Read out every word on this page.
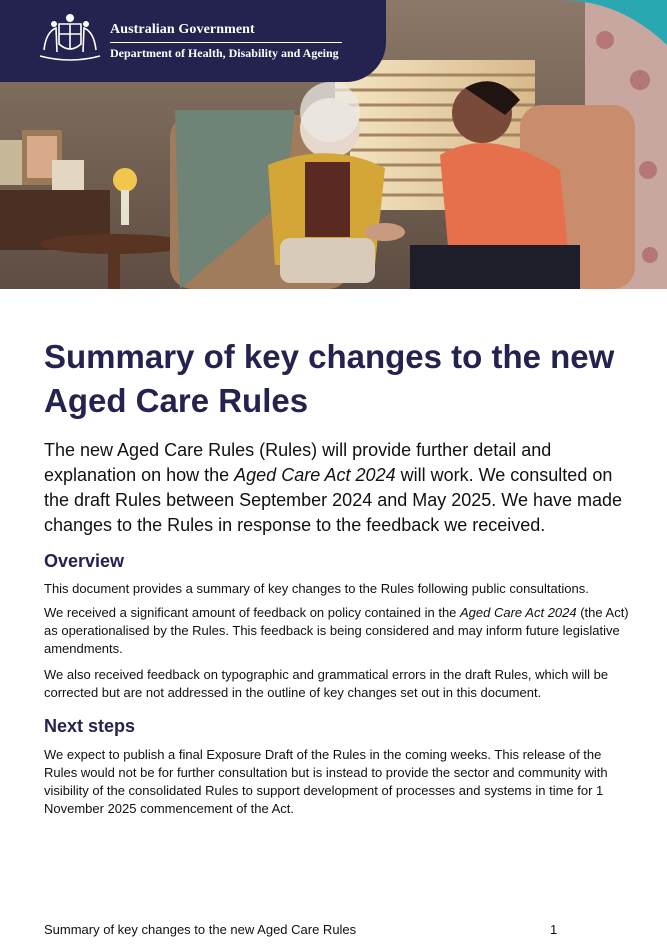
Australian Government
Department of Health, Disability and Ageing
Summary of key changes to the new Aged Care Rules

The new Aged Care Rules (Rules) will provide further detail and explanation on how the Aged Care Act 2024 will work. We consulted on the draft Rules between September 2024 and May 2025. We have made changes to the Rules in response to the feedback we received.

Overview

This document provides a summary of key changes to the Rules following public consultations.

We received a significant amount of feedback on policy contained in the Aged Care Act 2024 (the Act) as operationalised by the Rules. This feedback is being considered and may inform future legislative amendments.

We also received feedback on typographic and grammatical errors in the draft Rules, which will be corrected but are not addressed in the outline of key changes set out in this document.

Next steps

We expect to publish a final Exposure Draft of the Rules in the coming weeks. This release of the Rules would not be for further consultation but is instead to provide the sector and community with visibility of the consolidated Rules to support development of processes and systems in time for 1 November 2025 commencement of the Act.

Summary of key changes to the new Aged Care Rules	1
